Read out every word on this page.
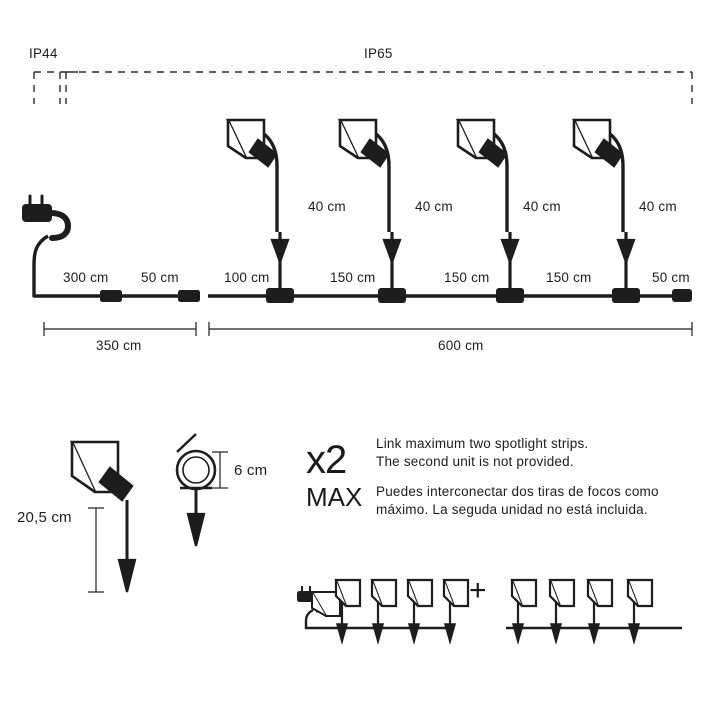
IP44	IP65
300 cm 50 cm	100 cm	150 cm	150 cm	150 cm	50 cm
40 cm	40 cm	40 cm	40 cm
350 cm	600 cm
20,5 cm
6 cm x2
MAX
Link maximum two spotlight strips.
The second unit is not provided.
Puedes interconectar dos tiras de focos como
máximo. La seguda unidad no está incluida.
+
